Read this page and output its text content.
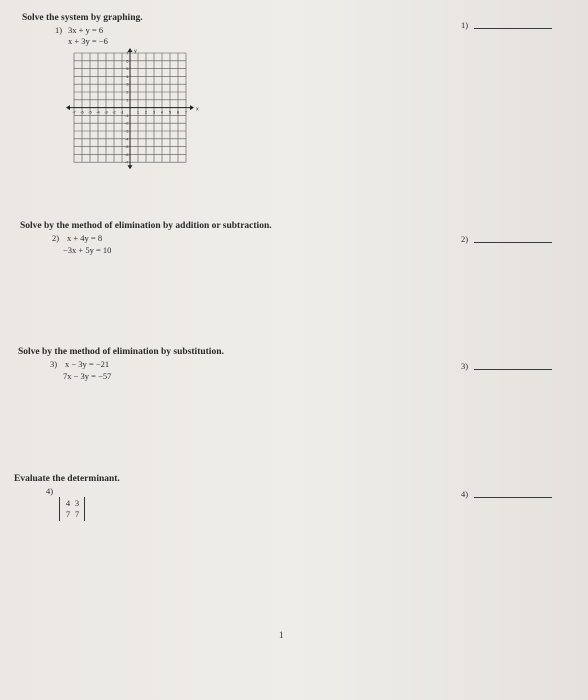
Solve the system by graphing.
1) 3x + y = 6
x + 3y = −6
1)
x
y
-7 -6 -5 -4 -3 -2 -1	1 2 3 4 5 6 7
7
6
5
4
3
2
1
-1
-2
-3
-4
-5
-6
-7
Solve by the method of elimination by addition or subtraction.
2) x + 4y = 8
−3x + 5y = 10
2)
Solve by the method of elimination by substitution.
3) x − 3y = −21
7x − 3y = −57
3)
Evaluate the determinant.
4)
4 3
7 7
4)
1
